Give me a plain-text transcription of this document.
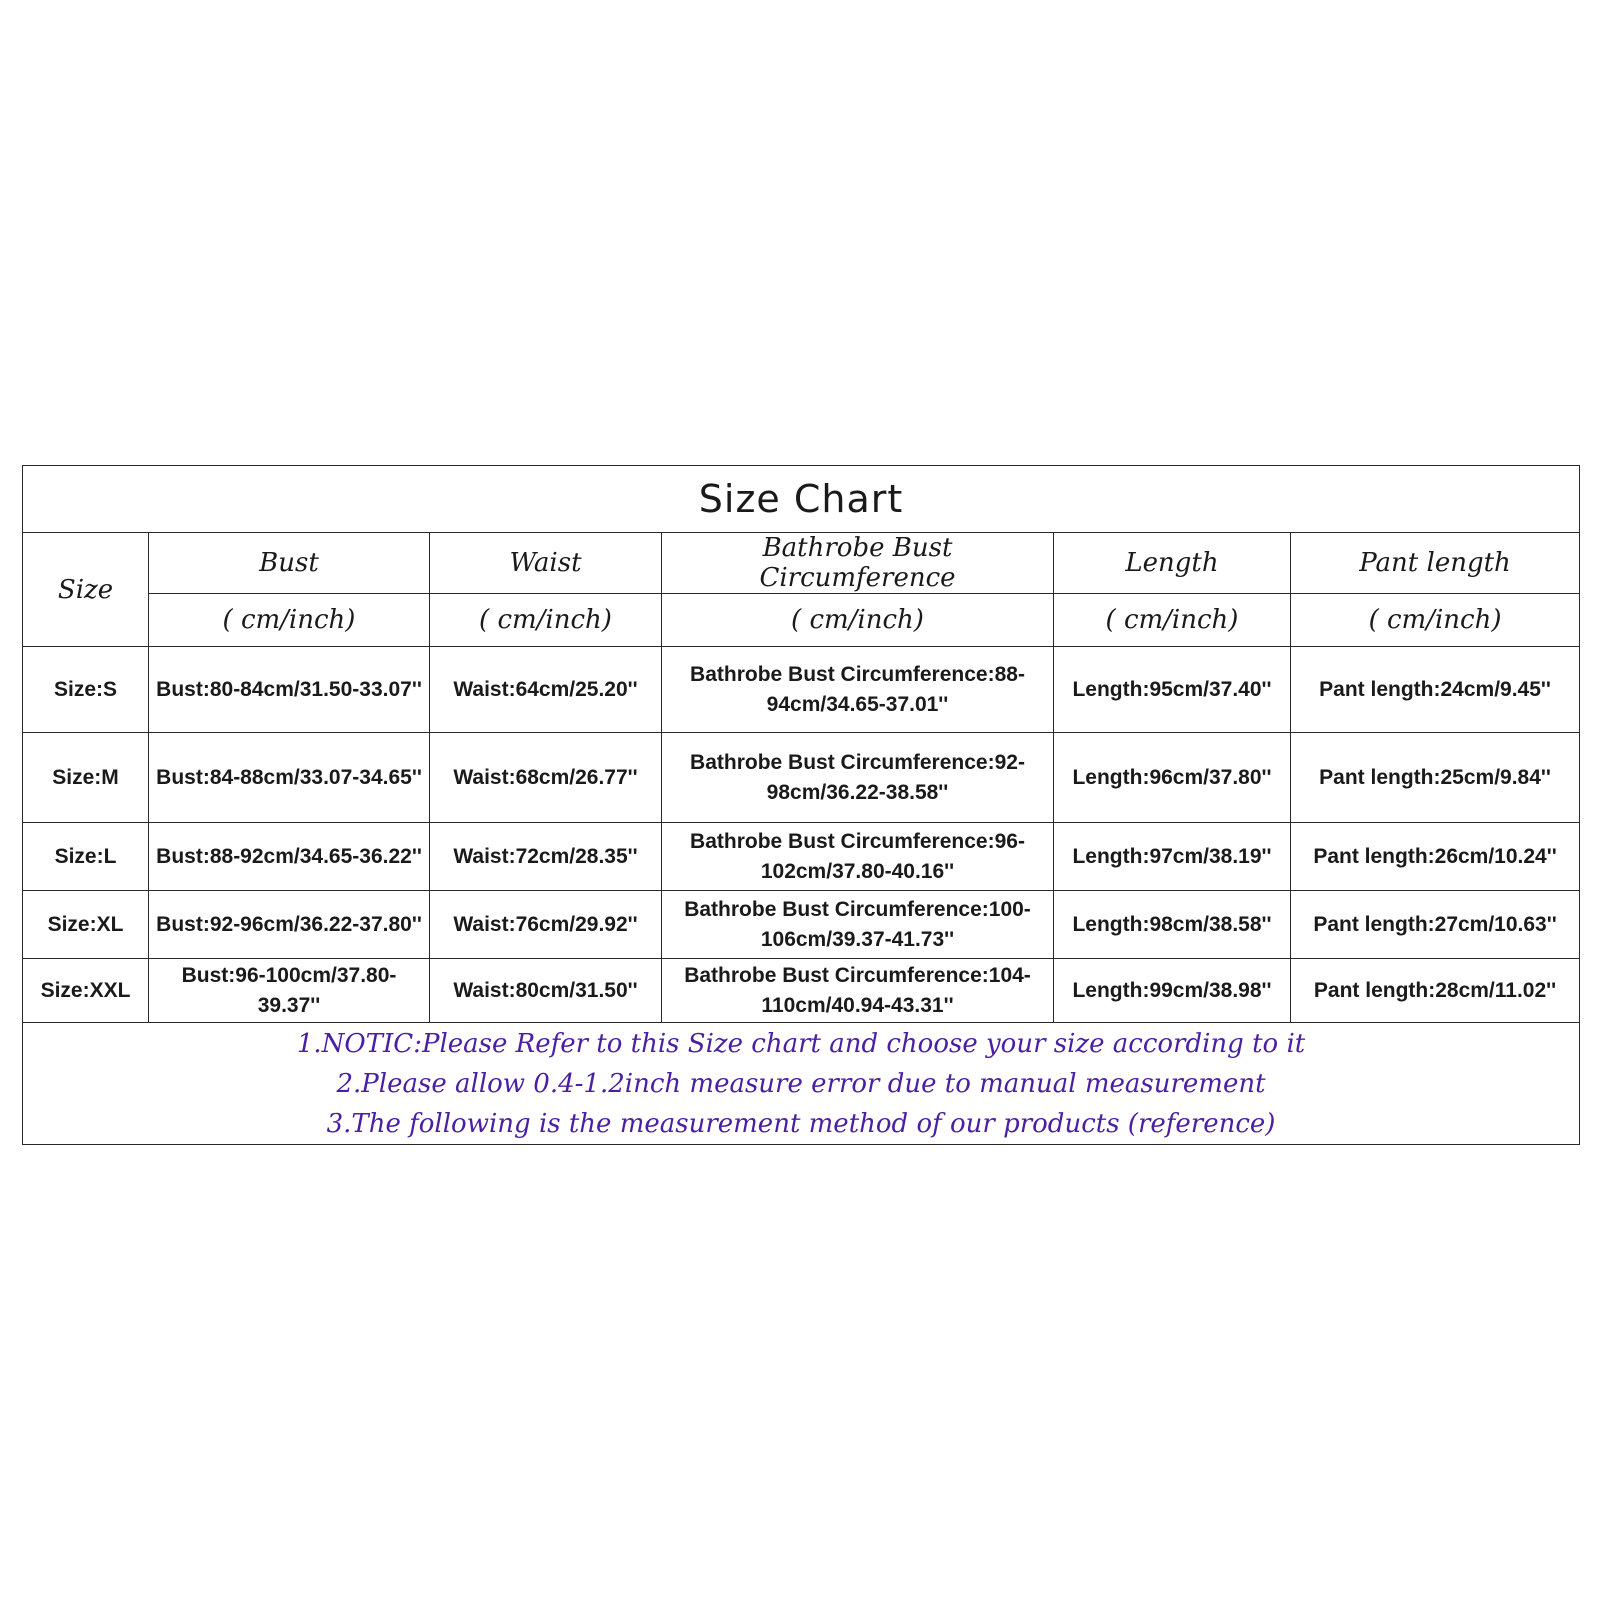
Size Chart					
Size	Bust	Waist	Bathrobe Bust Circumference	Length	Pant length
	( cm/inch)	( cm/inch)	( cm/inch)	( cm/inch)	( cm/inch)
Size:S	Bust:80-84cm/31.50-33.07''	Waist:64cm/25.20''	Bathrobe Bust Circumference:88-94cm/34.65-37.01''	Length:95cm/37.40''	Pant length:24cm/9.45''
Size:M	Bust:84-88cm/33.07-34.65''	Waist:68cm/26.77''	Bathrobe Bust Circumference:92-98cm/36.22-38.58''	Length:96cm/37.80''	Pant length:25cm/9.84''
Size:L	Bust:88-92cm/34.65-36.22''	Waist:72cm/28.35''	Bathrobe Bust Circumference:96-102cm/37.80-40.16''	Length:97cm/38.19''	Pant length:26cm/10.24''
Size:XL	Bust:92-96cm/36.22-37.80''	Waist:76cm/29.92''	Bathrobe Bust Circumference:100-106cm/39.37-41.73''	Length:98cm/38.58''	Pant length:27cm/10.63''
Size:XXL	Bust:96-100cm/37.80-39.37''	Waist:80cm/31.50''	Bathrobe Bust Circumference:104-110cm/40.94-43.31''	Length:99cm/38.98''	Pant length:28cm/11.02''

1.NOTIC:Please Refer to this Size chart and choose your size according to it
2.Please allow 0.4-1.2inch measure error due to manual measurement
3.The following is the measurement method of our products (reference)					
